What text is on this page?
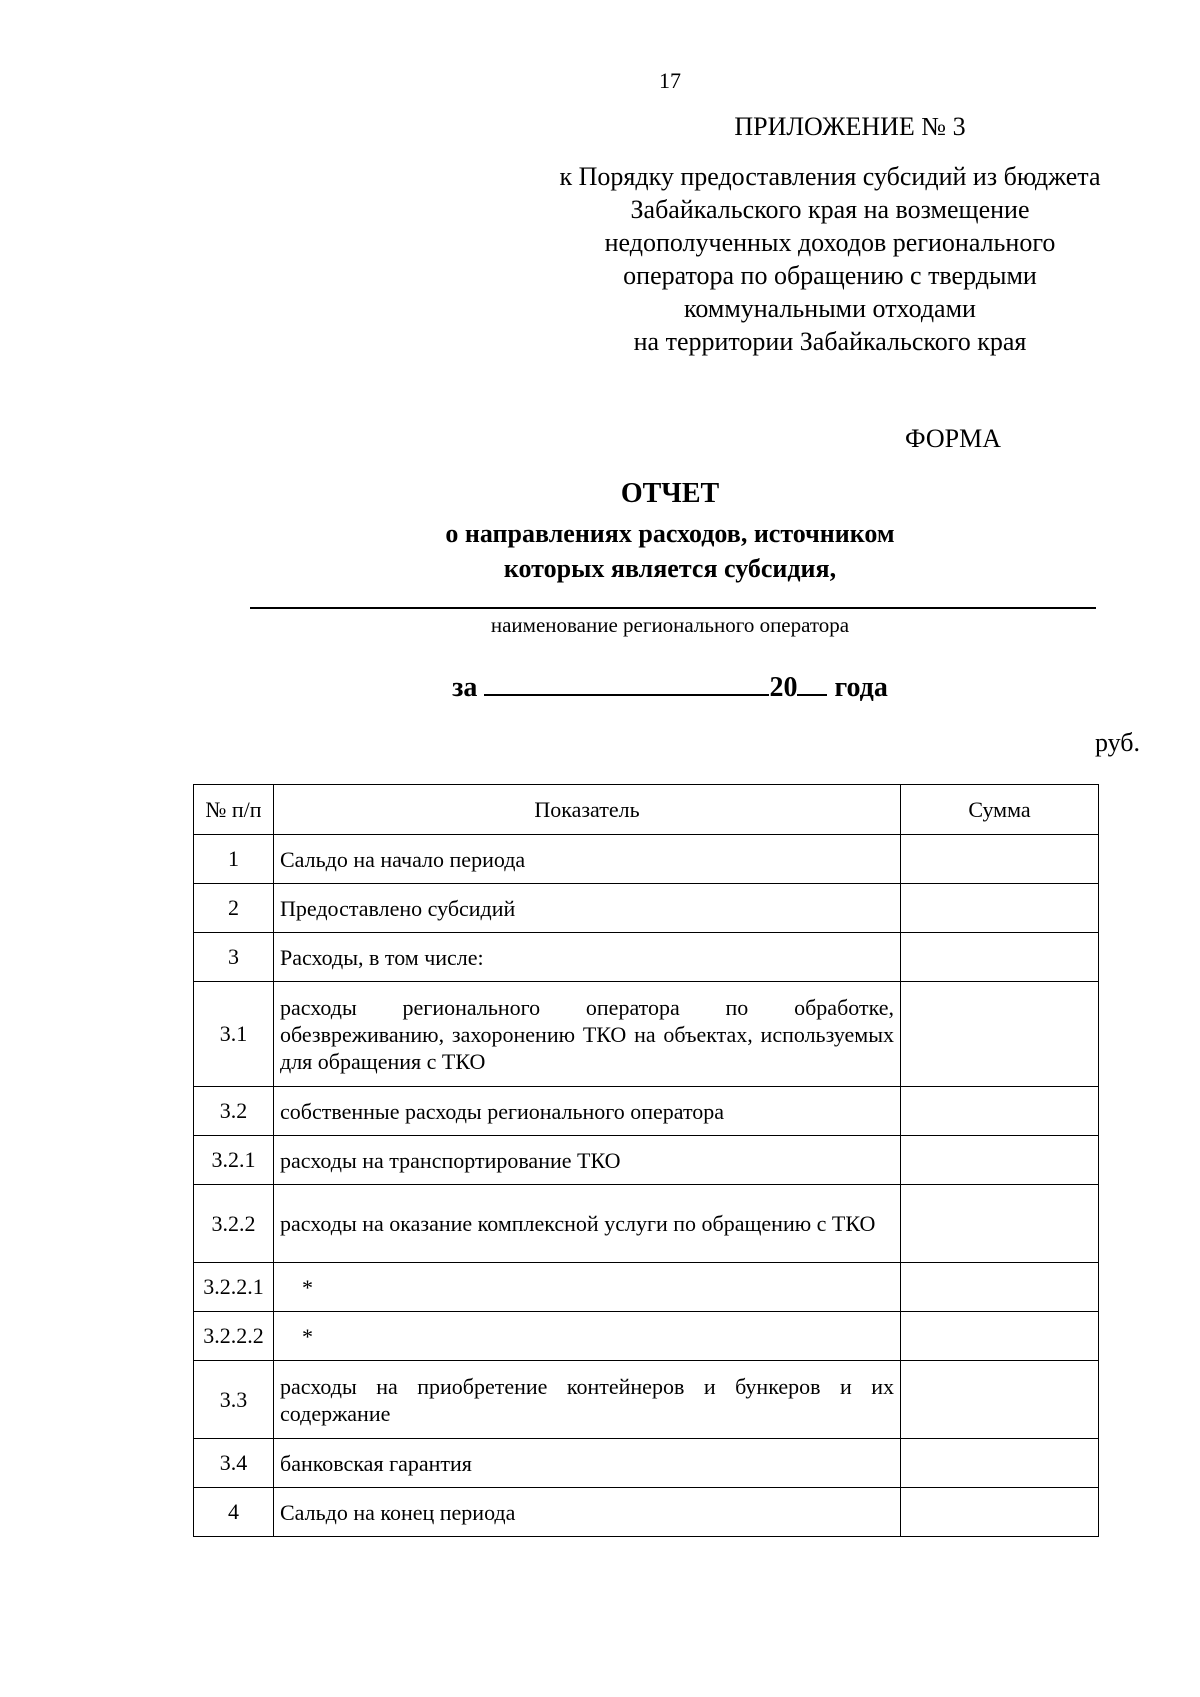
17
ПРИЛОЖЕНИЕ № 3
к Порядку предоставления субсидий из бюджета
Забайкальского края на возмещение
недополученных доходов регионального
оператора по обращению с твердыми
коммунальными отходами
на территории Забайкальского края
ФОРМА
ОТЧЕТ
о направлениях расходов, источником
которых является субсидия,
наименование регионального оператора
за	20 года
руб.
№ п/п	Показатель	Сумма
1	Сальдо на начало периода	
2	Предоставлено субсидий	
3	Расходы, в том числе:	
3.1	расходы регионального оператора по обработке, обезвреживанию, захоронению ТКО на объектах, используемых для обращения с ТКО	
3.2	собственные расходы регионального оператора	
3.2.1	расходы на транспортирование ТКО	
3.2.2	расходы на оказание комплексной услуги по обращению с ТКО	
3.2.2.1	*	
3.2.2.2	*	
3.3	расходы на приобретение контейнеров и бункеров и их содержание	
3.4	банковская гарантия	
4	Сальдо на конец периода	
